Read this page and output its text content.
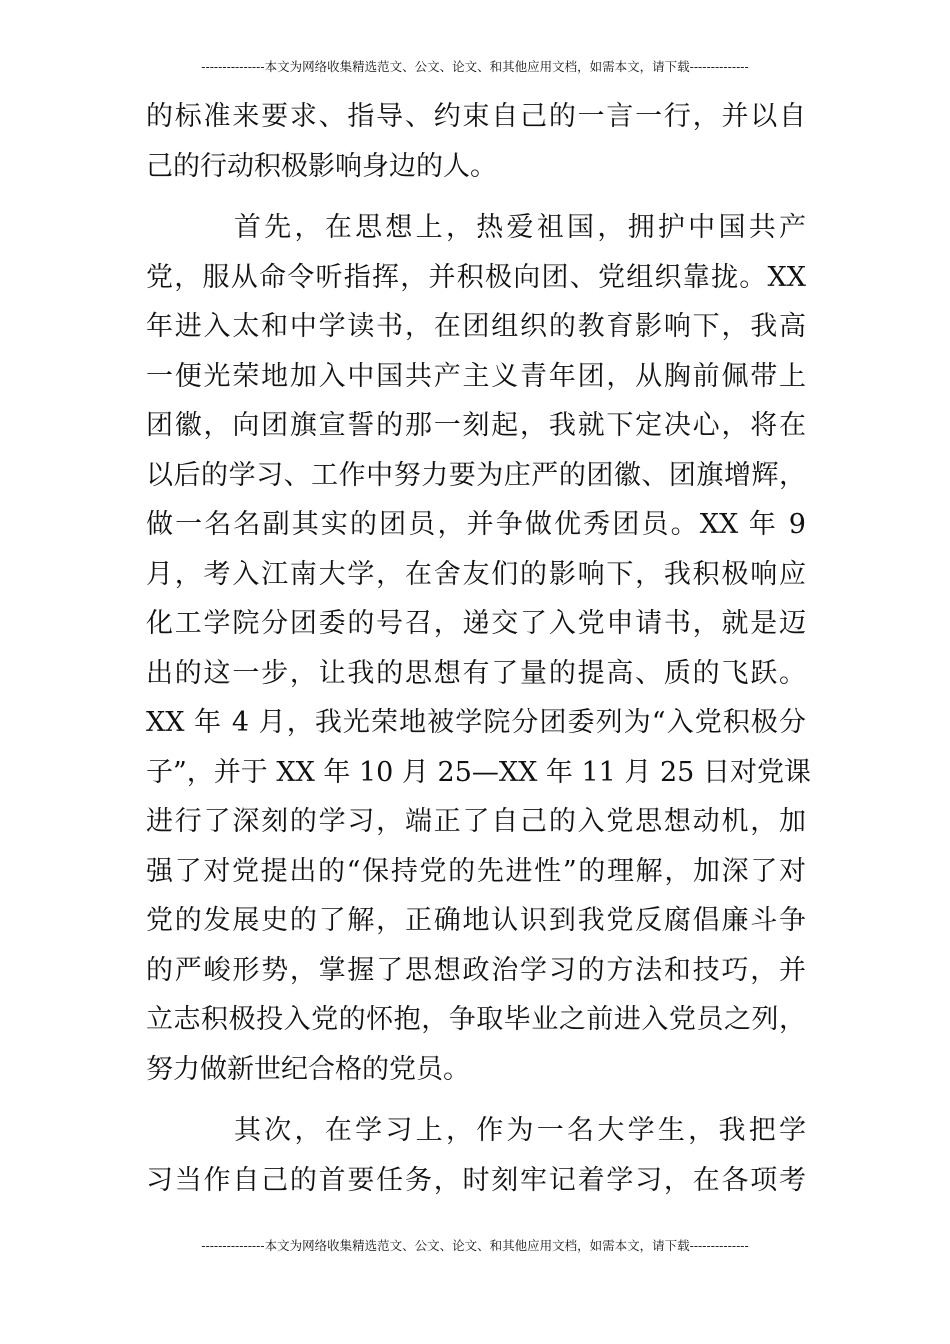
---------------本文为网络收集精选范文、公文、论文、和其他应用文档，如需本文，请下载--------------
的标准来要求、指导、约束自己的一言一行，并以自
己的行动积极影响身边的人。
首先，在思想上，热爱祖国，拥护中国共产
党，服从命令听指挥，并积极向团、党组织靠拢。XX
年进入太和中学读书，在团组织的教育影响下，我高
一便光荣地加入中国共产主义青年团，从胸前佩带上
团徽，向团旗宣誓的那一刻起，我就下定决心，将在
以后的学习、工作中努力要为庄严的团徽、团旗增辉，
做一名名副其实的团员，并争做优秀团员。XX 年 9
月，考入江南大学，在舍友们的影响下，我积极响应
化工学院分团委的号召，递交了入党申请书，就是迈
出的这一步，让我的思想有了量的提高、质的飞跃。
XX 年 4 月，我光荣地被学院分团委列为“入党积极分
子”，并于 XX 年 10 月 25—XX 年 11 月 25 日对党课
进行了深刻的学习，端正了自己的入党思想动机，加
强了对党提出的“保持党的先进性”的理解，加深了对
党的发展史的了解，正确地认识到我党反腐倡廉斗争
的严峻形势，掌握了思想政治学习的方法和技巧，并
立志积极投入党的怀抱，争取毕业之前进入党员之列，
努力做新世纪合格的党员。
其次，在学习上，作为一名大学生，我把学
习当作自己的首要任务，时刻牢记着学习，在各项考
---------------本文为网络收集精选范文、公文、论文、和其他应用文档，如需本文，请下载--------------
